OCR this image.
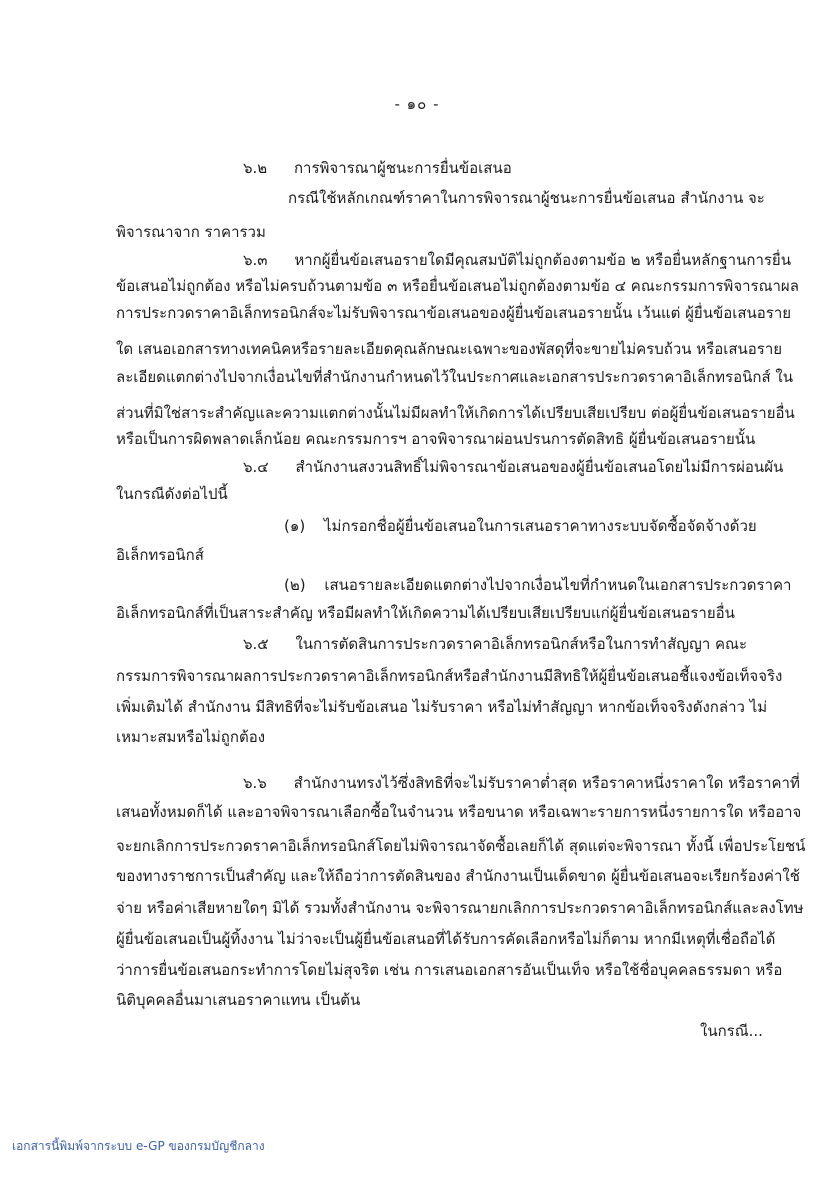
- ๑๐ -
๖.๒ การพิจารณาผู้ชนะการยื่นข้อเสนอ
กรณีใช้หลักเกณฑ์ราคาในการพิจารณาผู้ชนะการยื่นข้อเสนอ สำนักงาน จะ
พิจารณาจาก ราคารวม
๖.๓ หากผู้ยื่นข้อเสนอรายใดมีคุณสมบัติไม่ถูกต้องตามข้อ ๒ หรือยื่นหลักฐานการยื่น
ข้อเสนอไม่ถูกต้อง หรือไม่ครบถ้วนตามข้อ ๓ หรือยื่นข้อเสนอไม่ถูกต้องตามข้อ ๔ คณะกรรมการพิจารณาผล
การประกวดราคาอิเล็กทรอนิกส์จะไม่รับพิจารณาข้อเสนอของผู้ยื่นข้อเสนอรายนั้น เว้นแต่ ผู้ยื่นข้อเสนอราย
ใด เสนอเอกสารทางเทคนิคหรือรายละเอียดคุณลักษณะเฉพาะของพัสดุที่จะขายไม่ครบถ้วน หรือเสนอราย
ละเอียดแตกต่างไปจากเงื่อนไขที่สำนักงานกำหนดไว้ในประกาศและเอกสารประกวดราคาอิเล็กทรอนิกส์ ใน
ส่วนที่มิใช่สาระสำคัญและความแตกต่างนั้นไม่มีผลทำให้เกิดการได้เปรียบเสียเปรียบ ต่อผู้ยื่นข้อเสนอรายอื่น
หรือเป็นการผิดพลาดเล็กน้อย คณะกรรมการฯ อาจพิจารณาผ่อนปรนการตัดสิทธิ ผู้ยื่นข้อเสนอรายนั้น
๖.๔ สำนักงานสงวนสิทธิ์ไม่พิจารณาข้อเสนอของผู้ยื่นข้อเสนอโดยไม่มีการผ่อนผัน
ในกรณีดังต่อไปนี้
(๑) ไม่กรอกชื่อผู้ยื่นข้อเสนอในการเสนอราคาทางระบบจัดซื้อจัดจ้างด้วย
อิเล็กทรอนิกส์
(๒) เสนอรายละเอียดแตกต่างไปจากเงื่อนไขที่กำหนดในเอกสารประกวดราคา
อิเล็กทรอนิกส์ที่เป็นสาระสำคัญ หรือมีผลทำให้เกิดความได้เปรียบเสียเปรียบแก่ผู้ยื่นข้อเสนอรายอื่น
๖.๕ ในการตัดสินการประกวดราคาอิเล็กทรอนิกส์หรือในการทำสัญญา คณะ
กรรมการพิจารณาผลการประกวดราคาอิเล็กทรอนิกส์หรือสำนักงานมีสิทธิให้ผู้ยื่นข้อเสนอชี้แจงข้อเท็จจริง
เพิ่มเติมได้ สำนักงาน มีสิทธิที่จะไม่รับข้อเสนอ ไม่รับราคา หรือไม่ทำสัญญา หากข้อเท็จจริงดังกล่าว ไม่
เหมาะสมหรือไม่ถูกต้อง
๖.๖ สำนักงานทรงไว้ซึ่งสิทธิที่จะไม่รับราคาต่ำสุด หรือราคาหนึ่งราคาใด หรือราคาที่
เสนอทั้งหมดก็ได้ และอาจพิจารณาเลือกซื้อในจำนวน หรือขนาด หรือเฉพาะรายการหนึ่งรายการใด หรืออาจ
จะยกเลิกการประกวดราคาอิเล็กทรอนิกส์โดยไม่พิจารณาจัดซื้อเลยก็ได้ สุดแต่จะพิจารณา ทั้งนี้ เพื่อประโยชน์
ของทางราชการเป็นสำคัญ และให้ถือว่าการตัดสินของ สำนักงานเป็นเด็ดขาด ผู้ยื่นข้อเสนอจะเรียกร้องค่าใช้
จ่าย หรือค่าเสียหายใดๆ มิได้ รวมทั้งสำนักงาน จะพิจารณายกเลิกการประกวดราคาอิเล็กทรอนิกส์และลงโทษ
ผู้ยื่นข้อเสนอเป็นผู้ทิ้งงาน ไม่ว่าจะเป็นผู้ยื่นข้อเสนอที่ได้รับการคัดเลือกหรือไม่ก็ตาม หากมีเหตุที่เชื่อถือได้
ว่าการยื่นข้อเสนอกระทำการโดยไม่สุจริต เช่น การเสนอเอกสารอันเป็นเท็จ หรือใช้ชื่อบุคคลธรรมดา หรือ
นิติบุคคลอื่นมาเสนอราคาแทน เป็นต้น
ในกรณี...
เอกสารนี้พิมพ์จากระบบ e-GP ของกรมบัญชีกลาง
